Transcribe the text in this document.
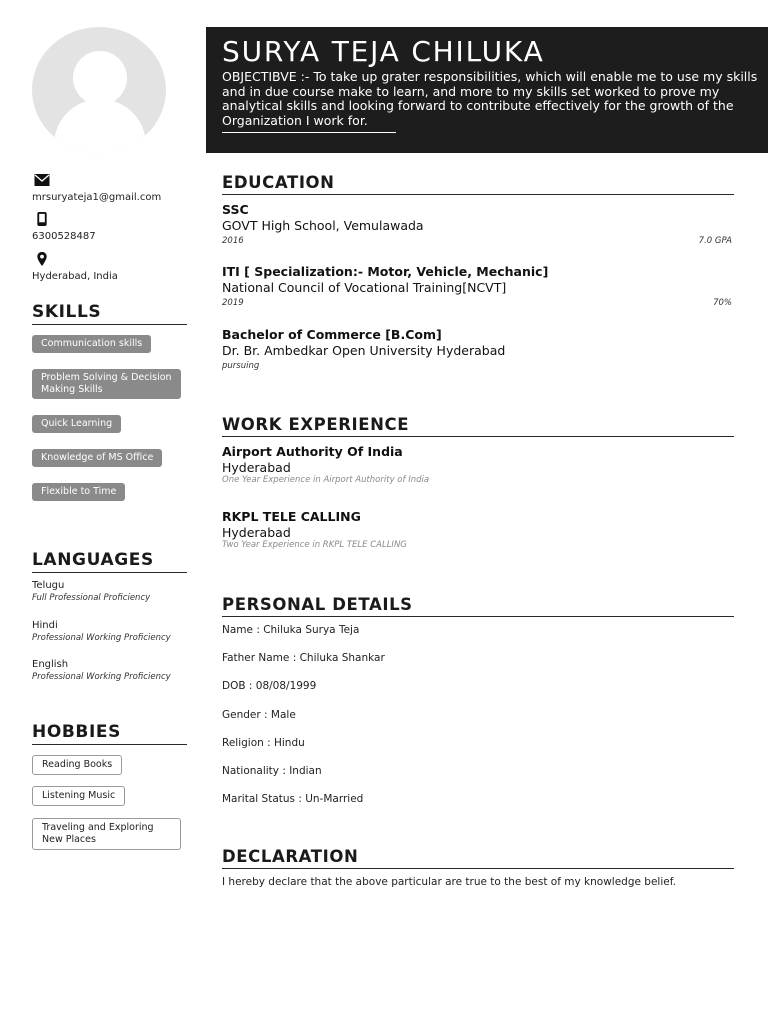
SURYA TEJA CHILUKA

OBJECTIBVE :- To take up grater responsibilities, which will enable me to use my skills and in due course make to learn, and more to my skills set worked to prove my analytical skills and looking forward to contribute effectively for the growth of the Organization I work for.

mrsuryateja1@gmail.com
6300528487
Hyderabad, India
SKILLS
Communication skills
Problem Solving & Decision Making Skills
Quick Learning
Knowledge of MS Office
Flexible to Time
LANGUAGES
Telugu
Full Professional Proficiency
Hindi
Professional Working Proficiency
English
Professional Working Proficiency
HOBBIES
Reading Books
Listening Music
Traveling and Exploring New Places
EDUCATION
SSC
GOVT High School, Vemulawada
2016	7.0 GPA
ITI [ Specialization:- Motor, Vehicle, Mechanic]
National Council of Vocational Training[NCVT]
2019	70%
Bachelor of Commerce [B.Com]
Dr. Br. Ambedkar Open University Hyderabad
pursuing
WORK EXPERIENCE
Airport Authority Of India
Hyderabad
One Year Experience in Airport Authority of India
RKPL TELE CALLING
Hyderabad
Two Year Experience in RKPL TELE CALLING
PERSONAL DETAILS
Name : Chiluka Surya Teja
Father Name : Chiluka Shankar
DOB : 08/08/1999
Gender : Male
Religion : Hindu
Nationality : Indian
Marital Status : Un-Married
DECLARATION

I hereby declare that the above particular are true to the best of my knowledge belief.
